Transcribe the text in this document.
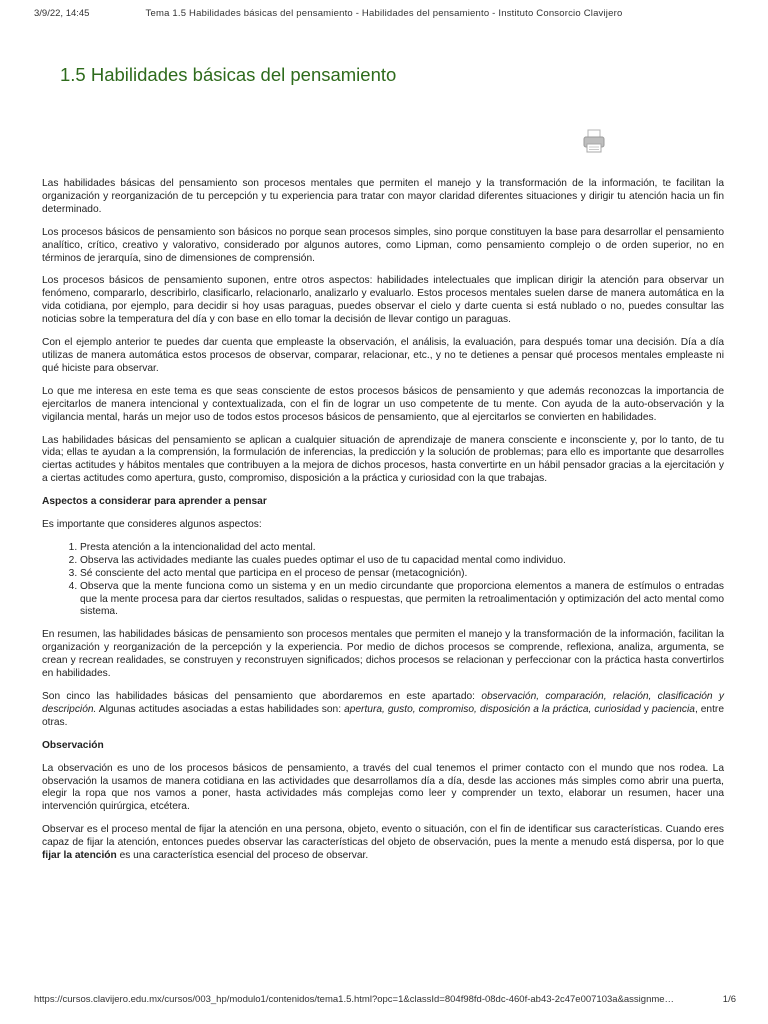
3/9/22, 14:45	Tema 1.5 Habilidades básicas del pensamiento - Habilidades del pensamiento - Instituto Consorcio Clavijero
1.5 Habilidades básicas del pensamiento

Las habilidades básicas del pensamiento son procesos mentales que permiten el manejo y la transformación de la información, te facilitan la organización y reorganización de tu percepción y tu experiencia para tratar con mayor claridad diferentes situaciones y dirigir tu atención hacia un fin determinado.

Los procesos básicos de pensamiento son básicos no porque sean procesos simples, sino porque constituyen la base para desarrollar el pensamiento analítico, crítico, creativo y valorativo, considerado por algunos autores, como Lipman, como pensamiento complejo o de orden superior, no en términos de jerarquía, sino de dimensiones de comprensión.

Los procesos básicos de pensamiento suponen, entre otros aspectos: habilidades intelectuales que implican dirigir la atención para observar un fenómeno, compararlo, describirlo, clasificarlo, relacionarlo, analizarlo y evaluarlo. Estos procesos mentales suelen darse de manera automática en la vida cotidiana, por ejemplo, para decidir si hoy usas paraguas, puedes observar el cielo y darte cuenta si está nublado o no, puedes consultar las noticias sobre la temperatura del día y con base en ello tomar la decisión de llevar contigo un paraguas.

Con el ejemplo anterior te puedes dar cuenta que empleaste la observación, el análisis, la evaluación, para después tomar una decisión. Día a día utilizas de manera automática estos procesos de observar, comparar, relacionar, etc., y no te detienes a pensar qué procesos mentales empleaste ni qué hiciste para observar.

Lo que me interesa en este tema es que seas consciente de estos procesos básicos de pensamiento y que además reconozcas la importancia de ejercitarlos de manera intencional y contextualizada, con el fin de lograr un uso competente de tu mente. Con ayuda de la auto-observación y la vigilancia mental, harás un mejor uso de todos estos procesos básicos de pensamiento, que al ejercitarlos se convierten en habilidades.

Las habilidades básicas del pensamiento se aplican a cualquier situación de aprendizaje de manera consciente e inconsciente y, por lo tanto, de tu vida; ellas te ayudan a la comprensión, la formulación de inferencias, la predicción y la solución de problemas; para ello es importante que desarrolles ciertas actitudes y hábitos mentales que contribuyen a la mejora de dichos procesos, hasta convertirte en un hábil pensador gracias a la ejercitación y a ciertas actitudes como apertura, gusto, compromiso, disposición a la práctica y curiosidad con la que trabajas.

Aspectos a considerar para aprender a pensar

Es importante que consideres algunos aspectos:

1. Presta atención a la intencionalidad del acto mental.
2. Observa las actividades mediante las cuales puedes optimar el uso de tu capacidad mental como individuo.
3. Sé consciente del acto mental que participa en el proceso de pensar (metacognición).
4. Observa que la mente funciona como un sistema y en un medio circundante que proporciona elementos a manera de estímulos o entradas que la mente procesa para dar ciertos resultados, salidas o respuestas, que permiten la retroalimentación y optimización del acto mental como sistema.

En resumen, las habilidades básicas de pensamiento son procesos mentales que permiten el manejo y la transformación de la información, facilitan la organización y reorganización de la percepción y la experiencia. Por medio de dichos procesos se comprende, reflexiona, analiza, argumenta, se crean y recrean realidades, se construyen y reconstruyen significados; dichos procesos se relacionan y perfeccionar con la práctica hasta convertirlos en habilidades.

Son cinco las habilidades básicas del pensamiento que abordaremos en este apartado: observación, comparación, relación, clasificación y descripción. Algunas actitudes asociadas a estas habilidades son: apertura, gusto, compromiso, disposición a la práctica, curiosidad y paciencia, entre otras.

Observación

La observación es uno de los procesos básicos de pensamiento, a través del cual tenemos el primer contacto con el mundo que nos rodea. La observación la usamos de manera cotidiana en las actividades que desarrollamos día a día, desde las acciones más simples como abrir una puerta, elegir la ropa que nos vamos a poner, hasta actividades más complejas como leer y comprender un texto, elaborar un resumen, hacer una intervención quirúrgica, etcétera.

Observar es el proceso mental de fijar la atención en una persona, objeto, evento o situación, con el fin de identificar sus características. Cuando eres capaz de fijar la atención, entonces puedes observar las características del objeto de observación, pues la mente a menudo está dispersa, por lo que fijar la atención es una característica esencial del proceso de observar.

https://cursos.clavijero.edu.mx/cursos/003_hp/modulo1/contenidos/tema1.5.html?opc=1&classId=804f98fd-08dc-460f-ab43-2c47e007103a&assignme…	1/6
